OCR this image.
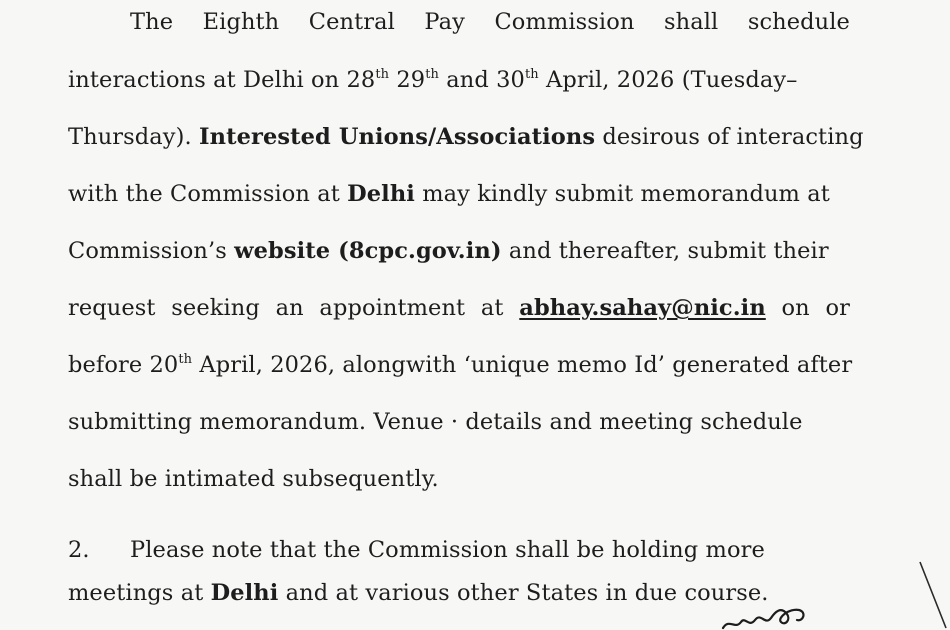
The Eighth Central Pay Commission shall schedule
interactions at Delhi on 28th 29th and 30th April, 2026 (Tuesday–
Thursday). Interested Unions/Associations desirous of interacting
with the Commission at Delhi may kindly submit memorandum at
Commission’s website (8cpc.gov.in) and thereafter, submit their
request seeking an appointment at abhay.sahay@nic.in on or
before 20th April, 2026, alongwith ‘unique memo Id’ generated after
submitting memorandum. Venue · details and meeting schedule
shall be intimated subsequently.
2. Please note that the Commission shall be holding more
meetings at Delhi and at various other States in due course.
